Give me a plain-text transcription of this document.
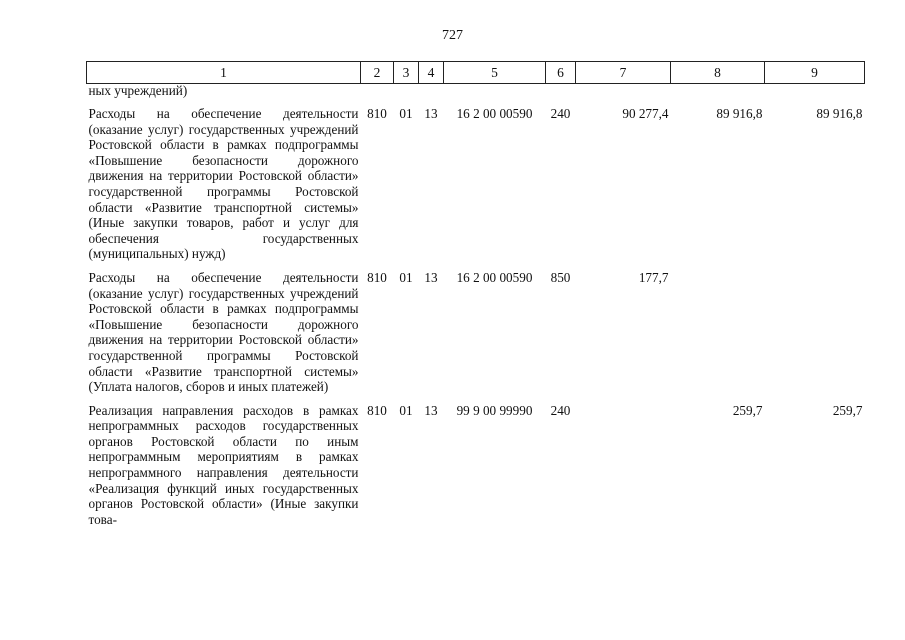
727
1	2	3	4	5	6	7	8	9
ных учреждений)								

Расходы на обеспечение деятельности (оказание услуг) государственных учреждений Ростовской области в рамках подпрограммы «Повышение безопасности дорожного движения на территории Ростовской области» государственной программы Ростовской области «Развитие транспортной системы» (Иные закупки товаров, работ и услуг для обеспечения государственных (муниципальных) нужд)	810	01	13	16 2 00 00590	240	90 277,4	89 916,8	89 916,8
Расходы на обеспечение деятельности (оказание услуг) государственных учреждений Ростовской области в рамках подпрограммы «Повышение безопасности дорожного движения на территории Ростовской области» государственной программы Ростовской области «Развитие транспортной системы» (Уплата налогов, сборов и иных платежей)	810	01	13	16 2 00 00590	850	177,7		
Реализация направления расходов в рамках непрограммных расходов государственных органов Ростовской области по иным непрограммным мероприятиям в рамках непрограммного направления деятельности «Реализация функций иных государственных органов Ростовской области» (Иные закупки това-	810	01	13	99 9 00 99990	240		259,7	259,7
